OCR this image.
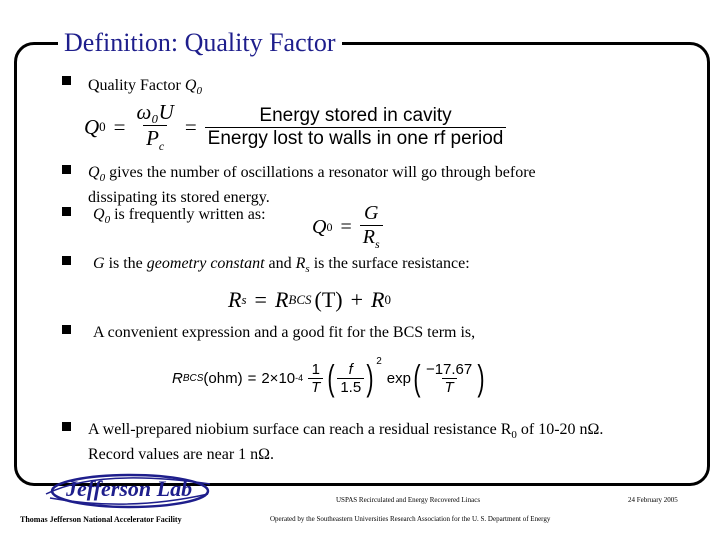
Definition: Quality Factor
Quality Factor $Q_0$
Q $0 = \frac{\text{ω₀U}}{P_c} = \frac{\text{Energy stored in cavity}}{\text{Energy lost to walls in one rf period}}$
$Q_0$ gives the number of oscillations a resonator will go through before
dissipating its stored energy.
$Q_0$ is frequently written as:
Q $0 = \frac{G}{R_s}$
G is the geometry constant and $R_s$ is the surface resistance:
R s = R BCS (T) + R 0
A convenient expression and a good fit for the BCS term is,
R BCS (ohm) = 2×10 $-4 \frac{1}{T}$ ( $\frac{f}{1.5} )^2$
exp ( $\frac{-17.67}{T}$ )
A well-prepared niobium surface can reach a residual resistance $R_0$ of 10-20 nΩ.
Record values are near 1 nΩ.
Jefferson Lab
Thomas Jefferson National Accelerator Facility
USPAS Recirculated and Energy Recovered Linacs	24 February 2005
Operated by the Southeastern Universities Research Association for the U. S. Department of Energy
